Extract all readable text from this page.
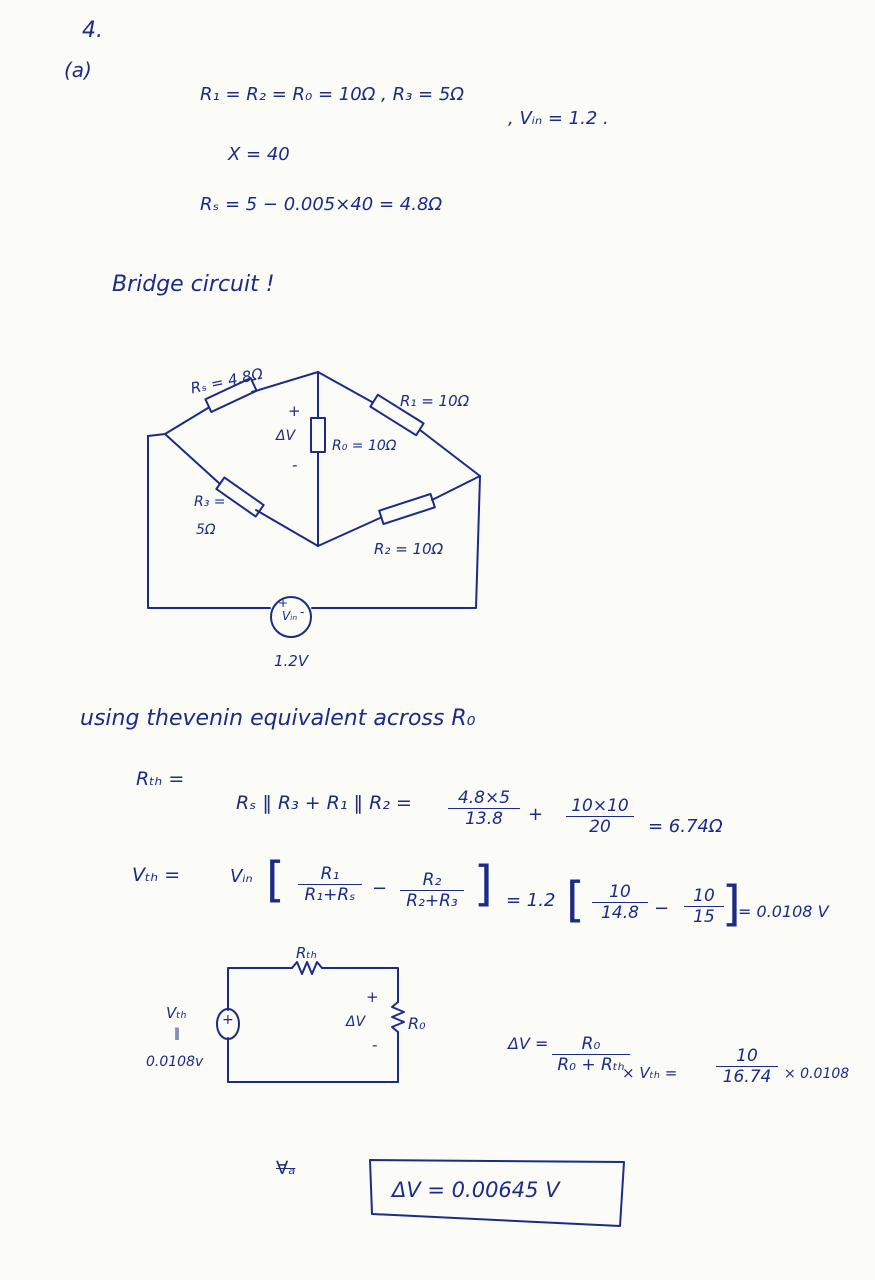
4.
(a)
R₁ = R₂ = R₀ = 10Ω , R₃ = 5Ω
, Vᵢₙ = 1.2 .
X = 40
Rₛ = 5 − 0.005×40 = 4.8Ω
Bridge circuit !
Rₛ = 4.8Ω
R₁ = 10Ω
+
ΔV
-
R₀ = 10Ω
R₃ =
5Ω
R₂ = 10Ω
+
Vᵢₙ -
1.2V
using thevenin equivalent across R₀
Rₜₕ =
Rₛ ‖ R₃ + R₁ ‖ $R_2 = \frac{4.8\times 5}{13.8} + \frac{10\times 10}{20} = 6.74\Omega$
Vₜₕ =	Vᵢₙ [ $\frac{\text{R₁}}{\text{R₁+Rₛ}} - \frac{\text{R₂}}{\text{R₂+R₃}}$ ] = 1.2 [ $\frac{10}{14.8} - \frac{10}{15}$
]
= 0.0108 V
Rₜₕ
Vₜₕ
‖
0.0108v
+
+
ΔV
-
R₀
ΔV =	R₀
R₀ + Rₜₕ
× $V_{th} = \frac{10}{16.74} \times 0.0108$
∀ₐ
ΔV = 0.00645 V
